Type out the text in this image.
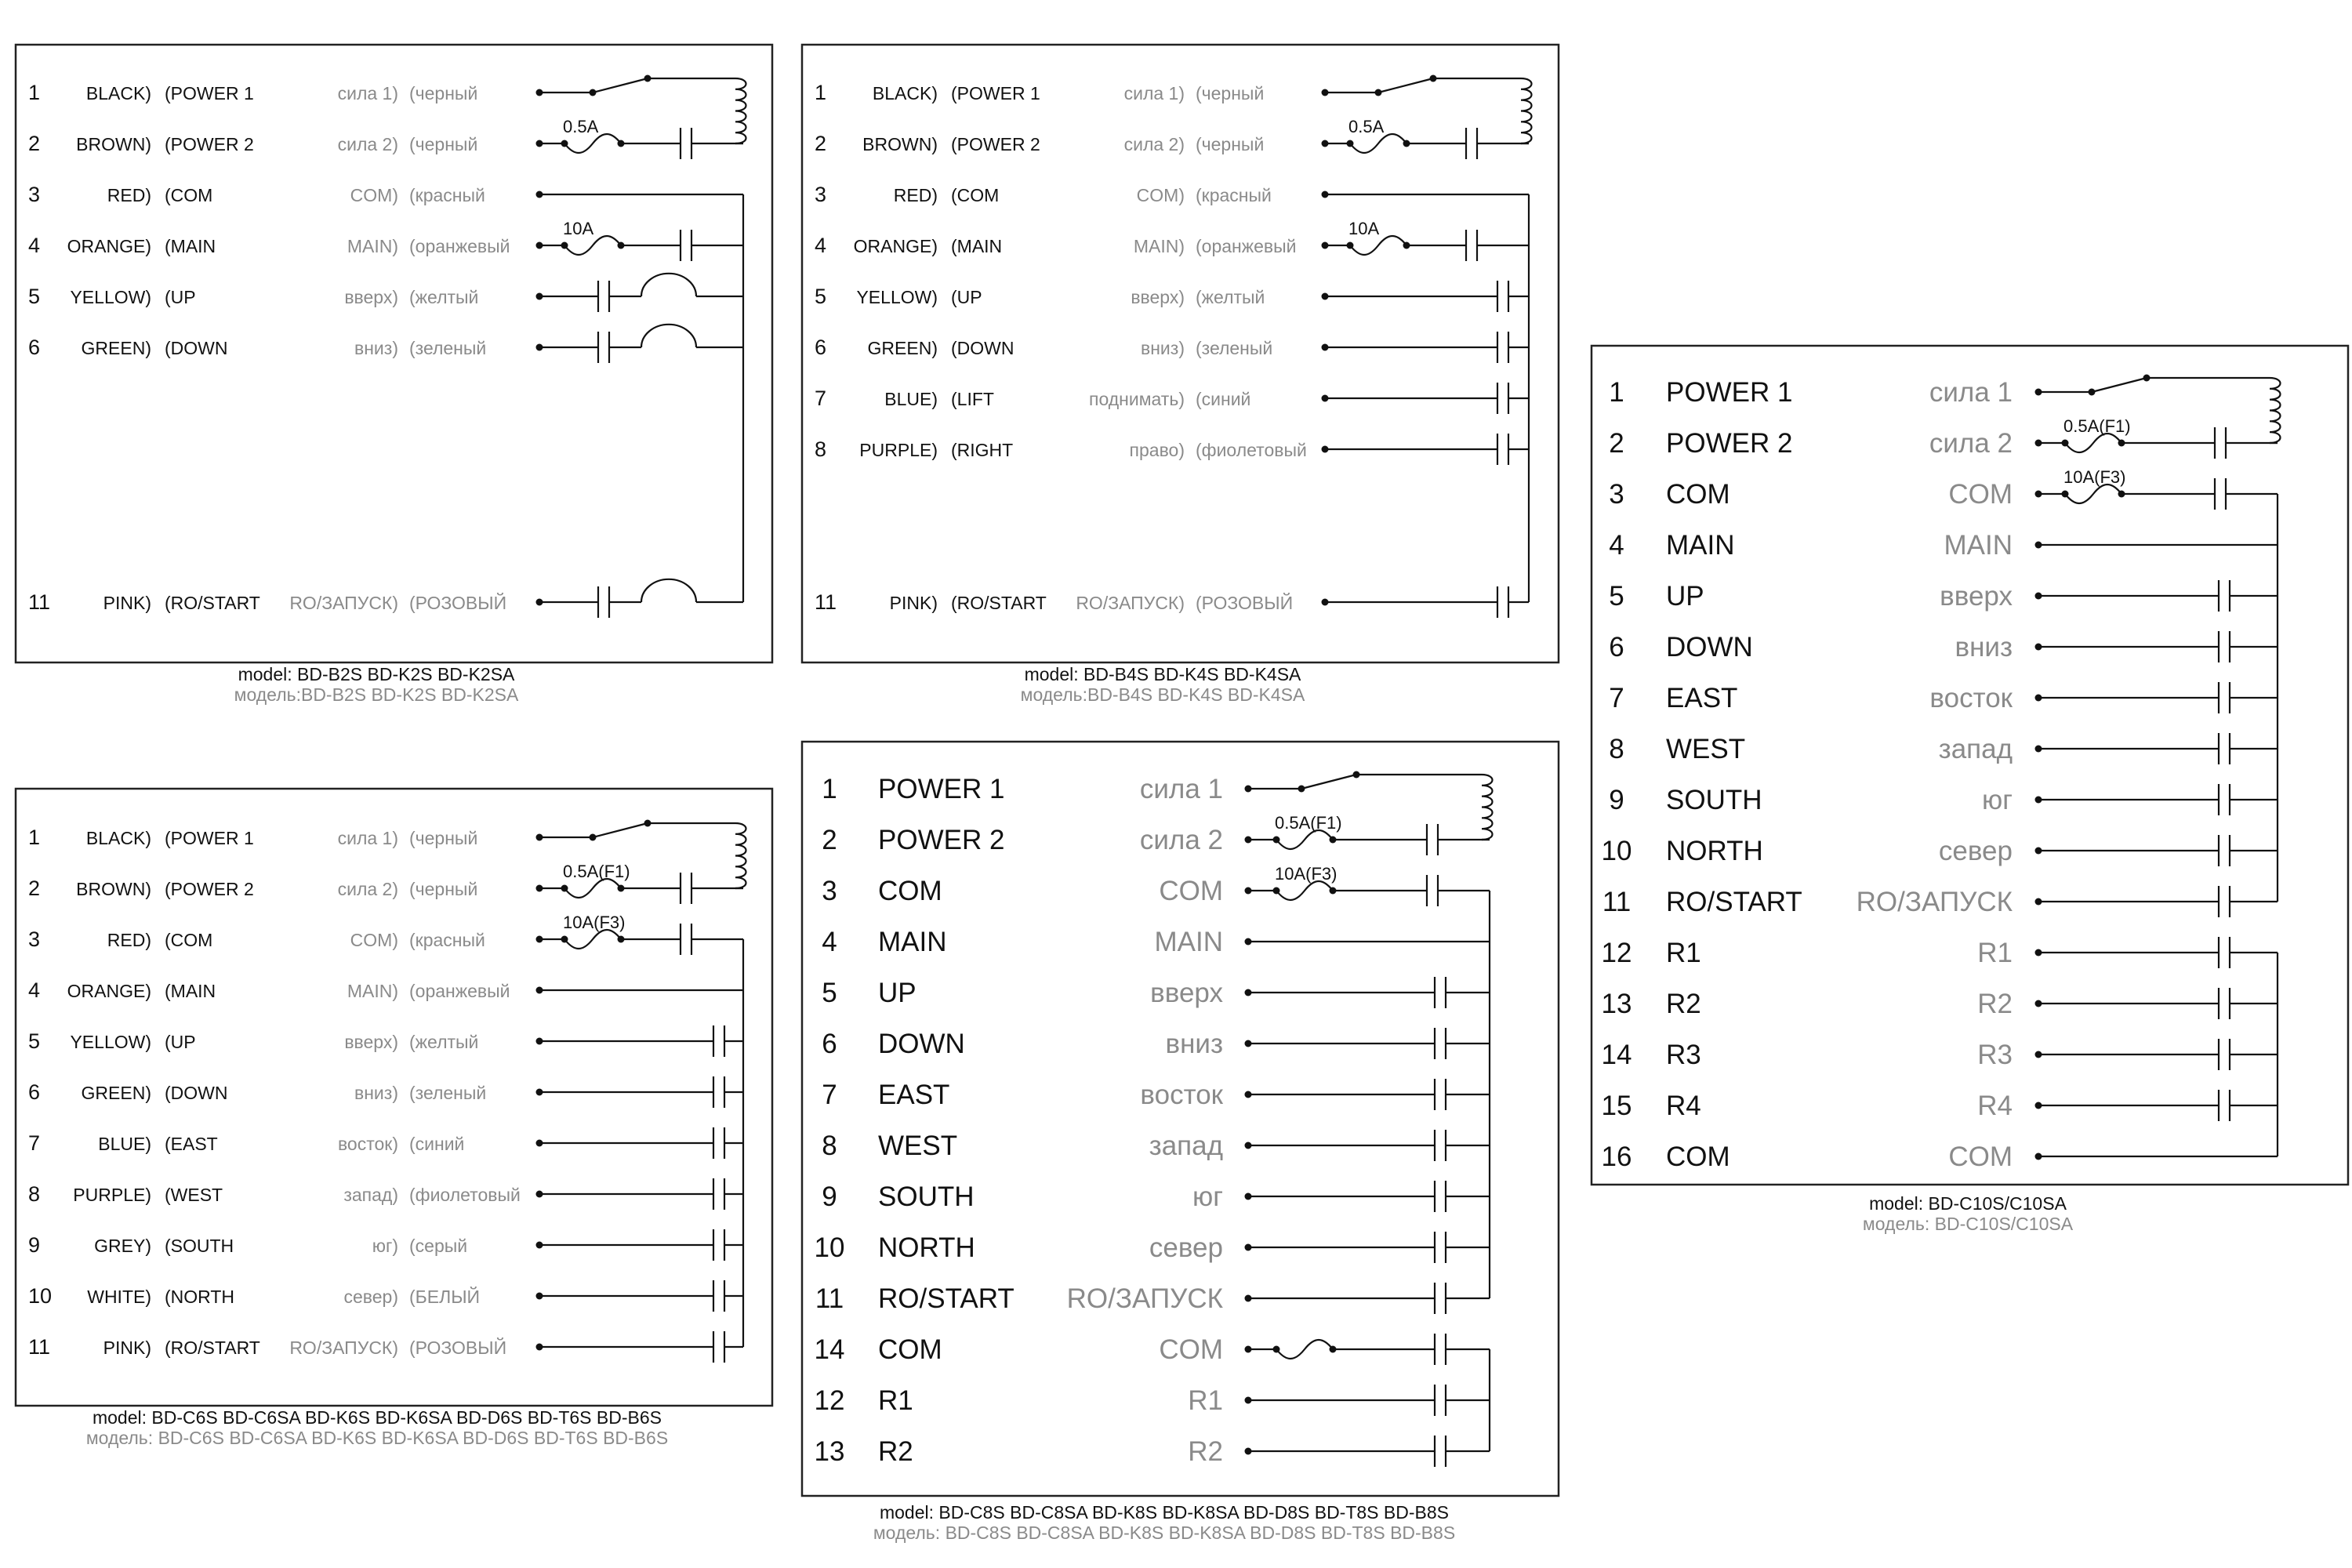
1	BLACK) (POWER 1	сила 1) (черный
2 BROWN) (POWER 2	сила 2) (черный
0.5A
3	RED) (COM	COM) (красный
4 ORANGE) (MAIN	MAIN) (оранжевый
10A
5 YELLOW) (UP	вверх) (желтый
6 GREEN) (DOWN	вниз) (зеленый
11	PINK) (RO/START RO/ЗАПУСК) (РОЗОВЫЙ
model: BD-B2S BD-K2S BD-K2SA
модель:BD-B2S BD-K2S BD-K2SA
1	BLACK) (POWER 1	сила 1) (черный
2 BROWN) (POWER 2	сила 2) (черный
0.5A
3	RED) (COM	COM) (красный
4 ORANGE) (MAIN	MAIN) (оранжевый
10A
5 YELLOW) (UP	вверх) (желтый
6 GREEN) (DOWN	вниз) (зеленый
7	BLUE) (LIFT	поднимать) (синий
8 PURPLE) (RIGHT	право) (фиолетовый
11	PINK) (RO/START RO/ЗАПУСК) (РОЗОВЫЙ
model: BD-B4S BD-K4S BD-K4SA
модель:BD-B4S BD-K4S BD-K4SA
1	BLACK) (POWER 1	сила 1) (черный
2 BROWN) (POWER 2	сила 2) (черный
0.5A(F1)
3	RED) (COM	COM) (красный
10A(F3)
4 ORANGE) (MAIN	MAIN) (оранжевый
5 YELLOW) (UP	вверх) (желтый
6 GREEN) (DOWN	вниз) (зеленый
7	BLUE) (EAST	восток) (синий
8 PURPLE) (WEST	запад) (фиолетовый
9	GREY) (SOUTH	юг) (серый
10 WHITE) (NORTH	север) (БЕЛЫЙ
11	PINK) (RO/START RO/ЗАПУСК) (РОЗОВЫЙ
model: BD-C6S BD-C6SA BD-K6S BD-K6SA BD-D6S BD-T6S BD-B6S
модель: BD-C6S BD-C6SA BD-K6S BD-K6SA BD-D6S BD-T6S BD-B6S
1 POWER 1	сила 1
2 POWER 2	сила 2
0.5A(F1)
3 COM	COM
10A(F3)
4 MAIN	MAIN
5 UP	вверх
6 DOWN	вниз
7 EAST	восток
8 WEST	запад
9 SOUTH	юг
10 NORTH	север
11 RO/START RO/ЗАПУСК
14 COM	COM
12 R1	R1
13 R2	R2
model: BD-C8S BD-C8SA BD-K8S BD-K8SA BD-D8S BD-T8S BD-B8S
модель: BD-C8S BD-C8SA BD-K8S BD-K8SA BD-D8S BD-T8S BD-B8S
1 POWER 1	сила 1
2 POWER 2	сила 2
0.5A(F1)
3 COM	COM
10A(F3)
4 MAIN	MAIN
5 UP	вверх
6 DOWN	вниз
7 EAST	восток
8 WEST	запад
9 SOUTH	юг
10 NORTH	север
11 RO/START RO/ЗАПУСК
12 R1	R1
13 R2	R2
14 R3	R3
15 R4	R4
16 COM	COM
model: BD-C10S/C10SA
модель: BD-C10S/C10SA
